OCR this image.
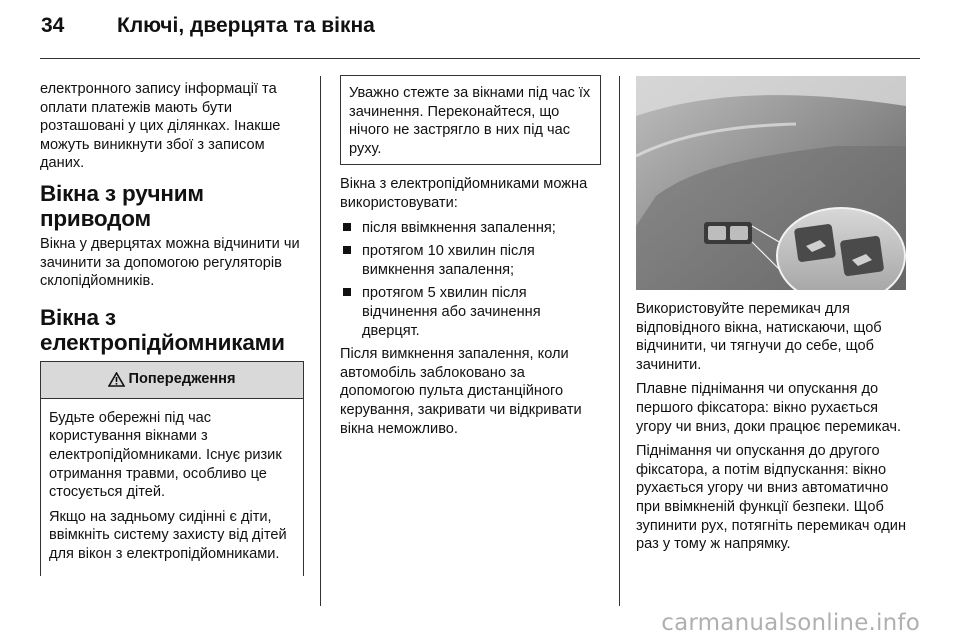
34	Ключі, дверцята та вікна

електронного запису інформації та оплати платежів мають бути розташовані у цих ділянках. Інакше можуть виникнути збої з записом даних.

Вікна з ручним приводом

Вікна у дверцятах можна відчинити чи зачинити за допомогою регуляторів склопідйомників.

Вікна з електропідйомниками
Попередження

Будьте обережні під час користування вікнами з електропідйомниками. Існує ризик отримання травми, особливо це стосується дітей.

Якщо на задньому сидінні є діти, ввімкніть систему захисту від дітей для вікон з електропідйомниками.

Уважно стежте за вікнами під час їх зачинення. Переконайтеся, що нічого не застрягло в них під час руху.

Вікна з електропідйомниками можна використовувати:

після ввімкнення запалення;
протягом 10 хвилин після вимкнення запалення;
протягом 5 хвилин після відчинення або зачинення дверцят.

Після вимкнення запалення, коли автомобіль заблоковано за допомогою пульта дистанційного керування, закривати чи відкривати вікна неможливо.

Використовуйте перемикач для відповідного вікна, натискаючи, щоб відчинити, чи тягнучи до себе, щоб зачинити.

Плавне піднімання чи опускання до першого фіксатора: вікно рухається угору чи вниз, доки працює перемикач.

Піднімання чи опускання до другого фіксатора, а потім відпускання: вікно рухається угору чи вниз автоматично при ввімкненій функції безпеки. Щоб зупинити рух, потягніть перемикач один раз у тому ж напрямку.

carmanualsonline.info
